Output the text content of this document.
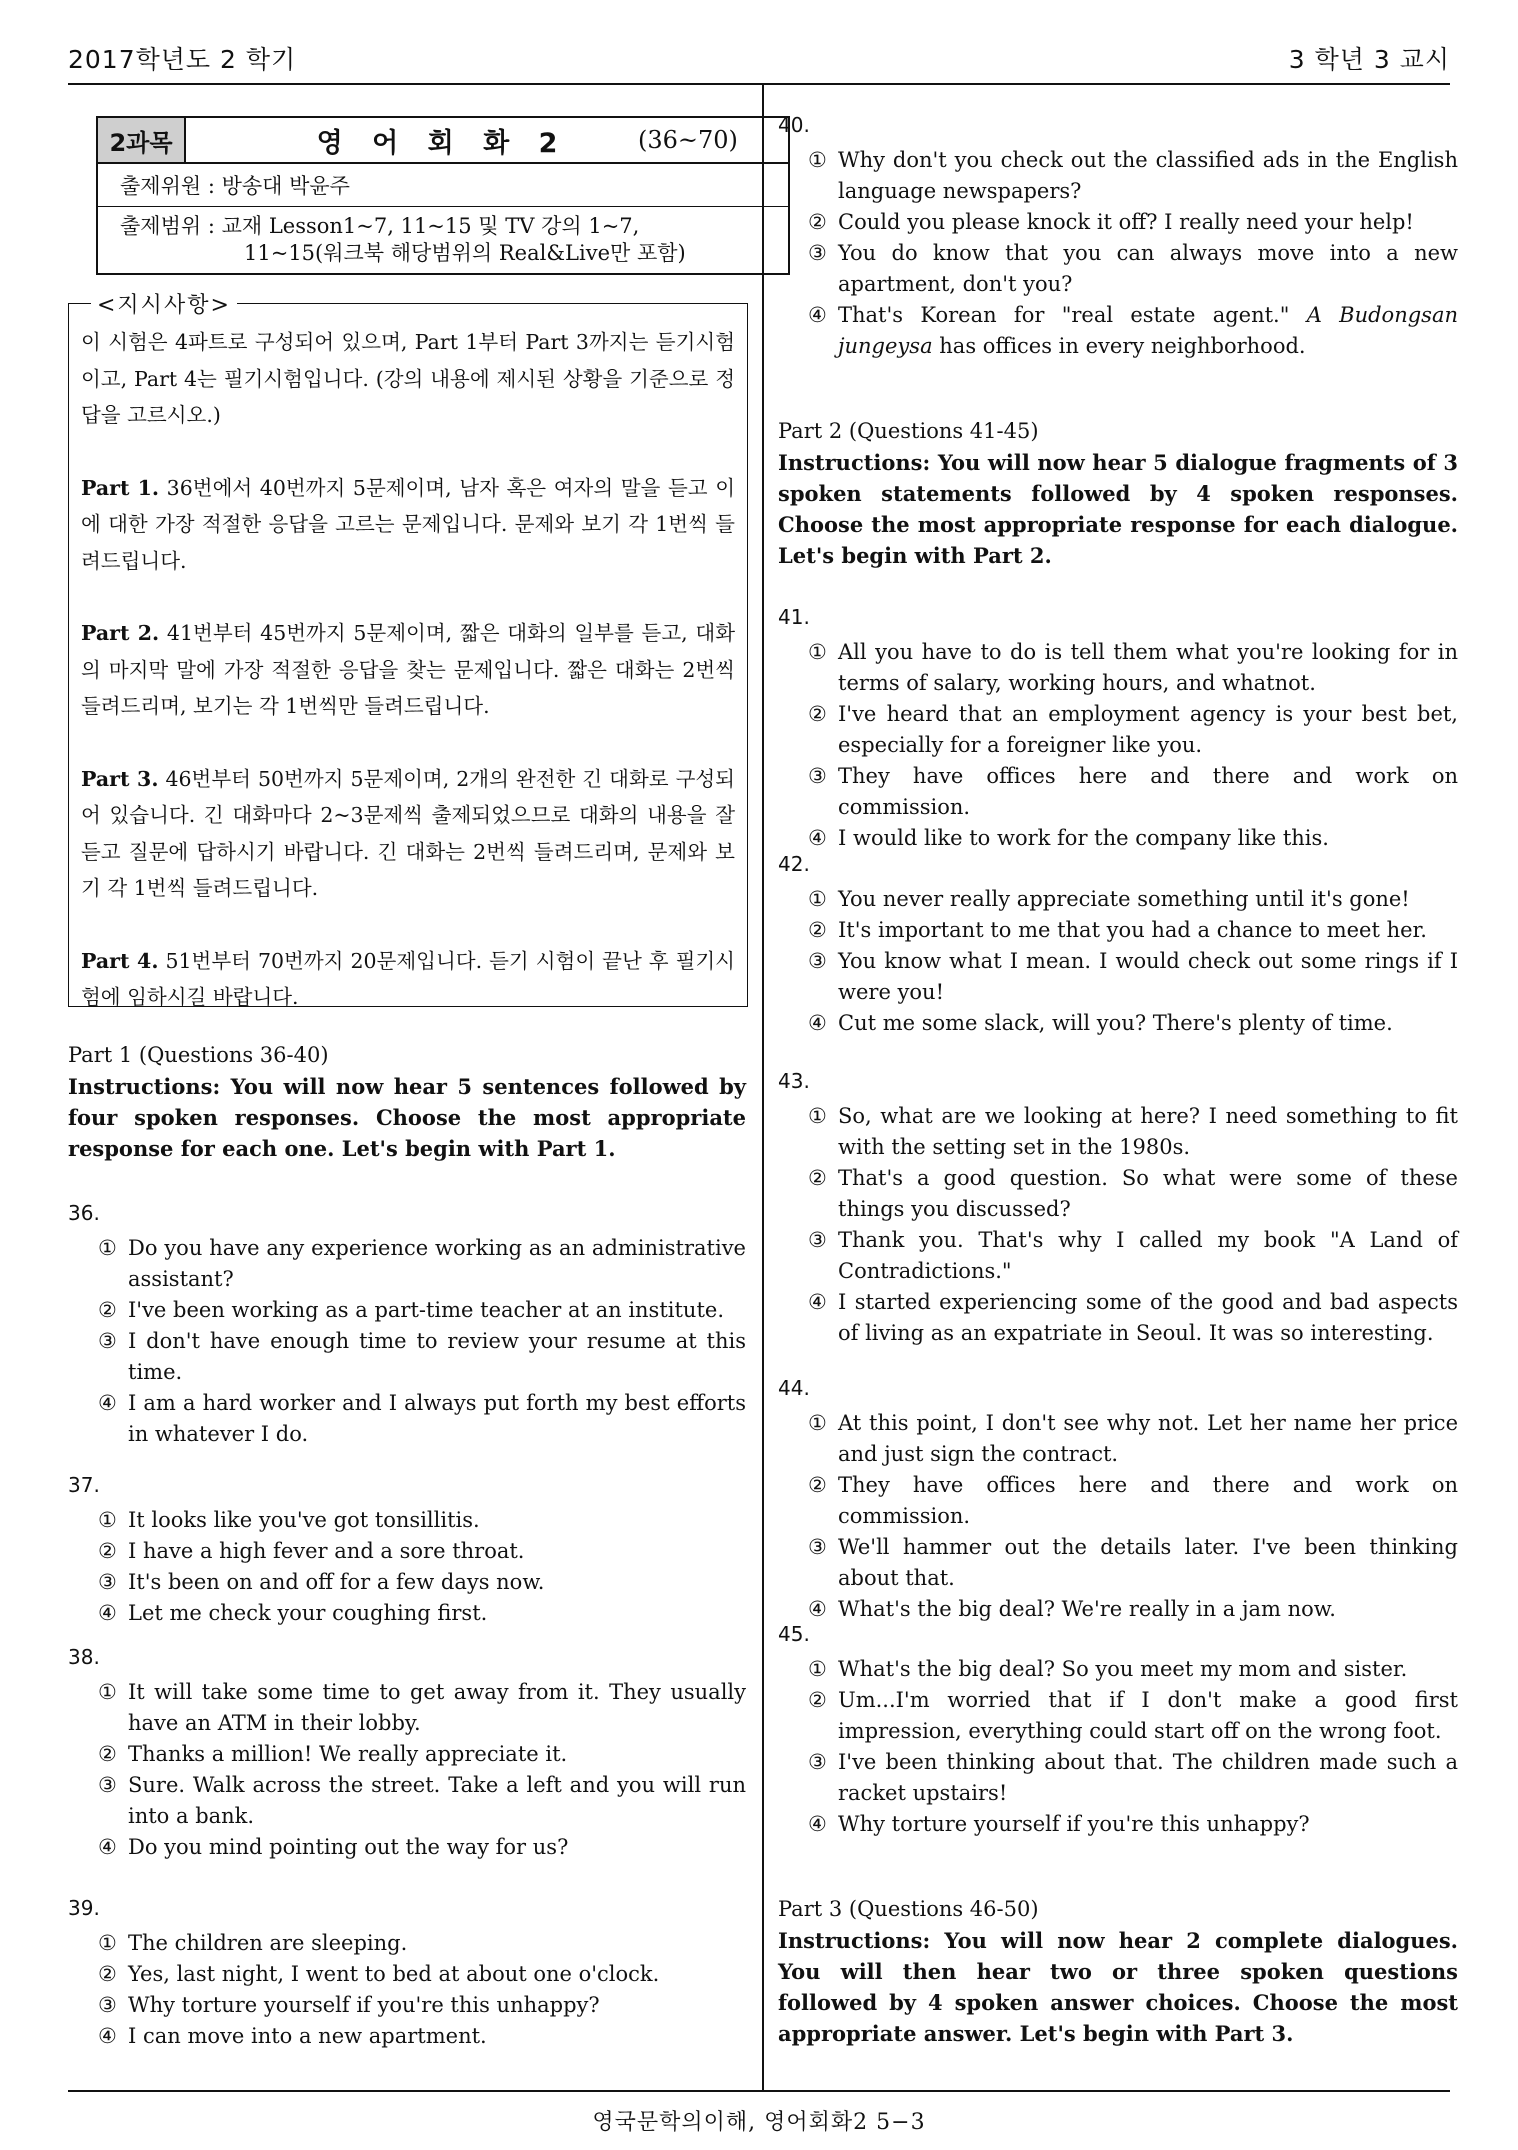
2017학년도 2 학기	3 학년 3 교시
2과목	영 어 회 화 2	(36~70)
출제위원 : 방송대 박윤주
출제범위 : 교재 Lesson1~7, 11~15 및 TV 강의 1~7,
11~15(워크북 해당범위의 Real&Live만 포함)
<지시사항>

이 시험은 4파트로 구성되어 있으며, Part 1부터 Part 3까지는 듣기시험이고, Part 4는 필기시험입니다. (강의 내용에 제시된 상황을 기준으로 정답을 고르시오.)

Part 1. 36번에서 40번까지 5문제이며, 남자 혹은 여자의 말을 듣고 이에 대한 가장 적절한 응답을 고르는 문제입니다. 문제와 보기 각 1번씩 들려드립니다.

Part 2. 41번부터 45번까지 5문제이며, 짧은 대화의 일부를 듣고, 대화의 마지막 말에 가장 적절한 응답을 찾는 문제입니다. 짧은 대화는 2번씩 들려드리며, 보기는 각 1번씩만 들려드립니다.

Part 3. 46번부터 50번까지 5문제이며, 2개의 완전한 긴 대화로 구성되어 있습니다. 긴 대화마다 2~3문제씩 출제되었으므로 대화의 내용을 잘 듣고 질문에 답하시기 바랍니다. 긴 대화는 2번씩 들려드리며, 문제와 보기 각 1번씩 들려드립니다.

Part 4. 51번부터 70번까지 20문제입니다. 듣기 시험이 끝난 후 필기시험에 임하시길 바랍니다.

Part 1 (Questions 36-40)
Instructions: You will now hear 5 sentences followed by four spoken responses. Choose the most appropriate response for each one. Let's begin with Part 1.
36.
① Do you have any experience working as an administrative assistant?
② I've been working as a part-time teacher at an institute.
③ I don't have enough time to review your resume at this time.
④ I am a hard worker and I always put forth my best efforts in whatever I do.
37.
① It looks like you've got tonsillitis.
② I have a high fever and a sore throat.
③ It's been on and off for a few days now.
④ Let me check your coughing first.
38.
① It will take some time to get away from it. They usually have an ATM in their lobby.
② Thanks a million! We really appreciate it.
③ Sure. Walk across the street. Take a left and you will run into a bank.
④ Do you mind pointing out the way for us?
39.
① The children are sleeping.
② Yes, last night, I went to bed at about one o'clock.
③ Why torture yourself if you're this unhappy?
④ I can move into a new apartment.
40.
① Why don't you check out the classified ads in the English language newspapers?
② Could you please knock it off? I really need your help!
③ You do know that you can always move into a new apartment, don't you?
④ That's Korean for "real estate agent." A Budongsan jungeysa has offices in every neighborhood.
Part 2 (Questions 41-45)
Instructions: You will now hear 5 dialogue fragments of 3 spoken statements followed by 4 spoken responses. Choose the most appropriate response for each dialogue. Let's begin with Part 2.
41.
① All you have to do is tell them what you're looking for in terms of salary, working hours, and whatnot.
② I've heard that an employment agency is your best bet, especially for a foreigner like you.
③ They have offices here and there and work on commission.
④ I would like to work for the company like this.
42.
① You never really appreciate something until it's gone!
② It's important to me that you had a chance to meet her.
③ You know what I mean. I would check out some rings if I were you!
④ Cut me some slack, will you? There's plenty of time.
43.
① So, what are we looking at here? I need something to fit with the setting set in the 1980s.
② That's a good question. So what were some of these things you discussed?
③ Thank you. That's why I called my book "A Land of Contradictions."
④ I started experiencing some of the good and bad aspects of living as an expatriate in Seoul. It was so interesting.
44.
① At this point, I don't see why not. Let her name her price and just sign the contract.
② They have offices here and there and work on commission.
③ We'll hammer out the details later. I've been thinking about that.
④ What's the big deal? We're really in a jam now.
45.
① What's the big deal? So you meet my mom and sister.
② Um...I'm worried that if I don't make a good first impression, everything could start off on the wrong foot.
③ I've been thinking about that. The children made such a racket upstairs!
④ Why torture yourself if you're this unhappy?
Part 3 (Questions 46-50)
Instructions: You will now hear 2 complete dialogues. You will then hear two or three spoken questions followed by 4 spoken answer choices. Choose the most appropriate answer. Let's begin with Part 3.
영국문학의이해, 영어회화2 5−3
